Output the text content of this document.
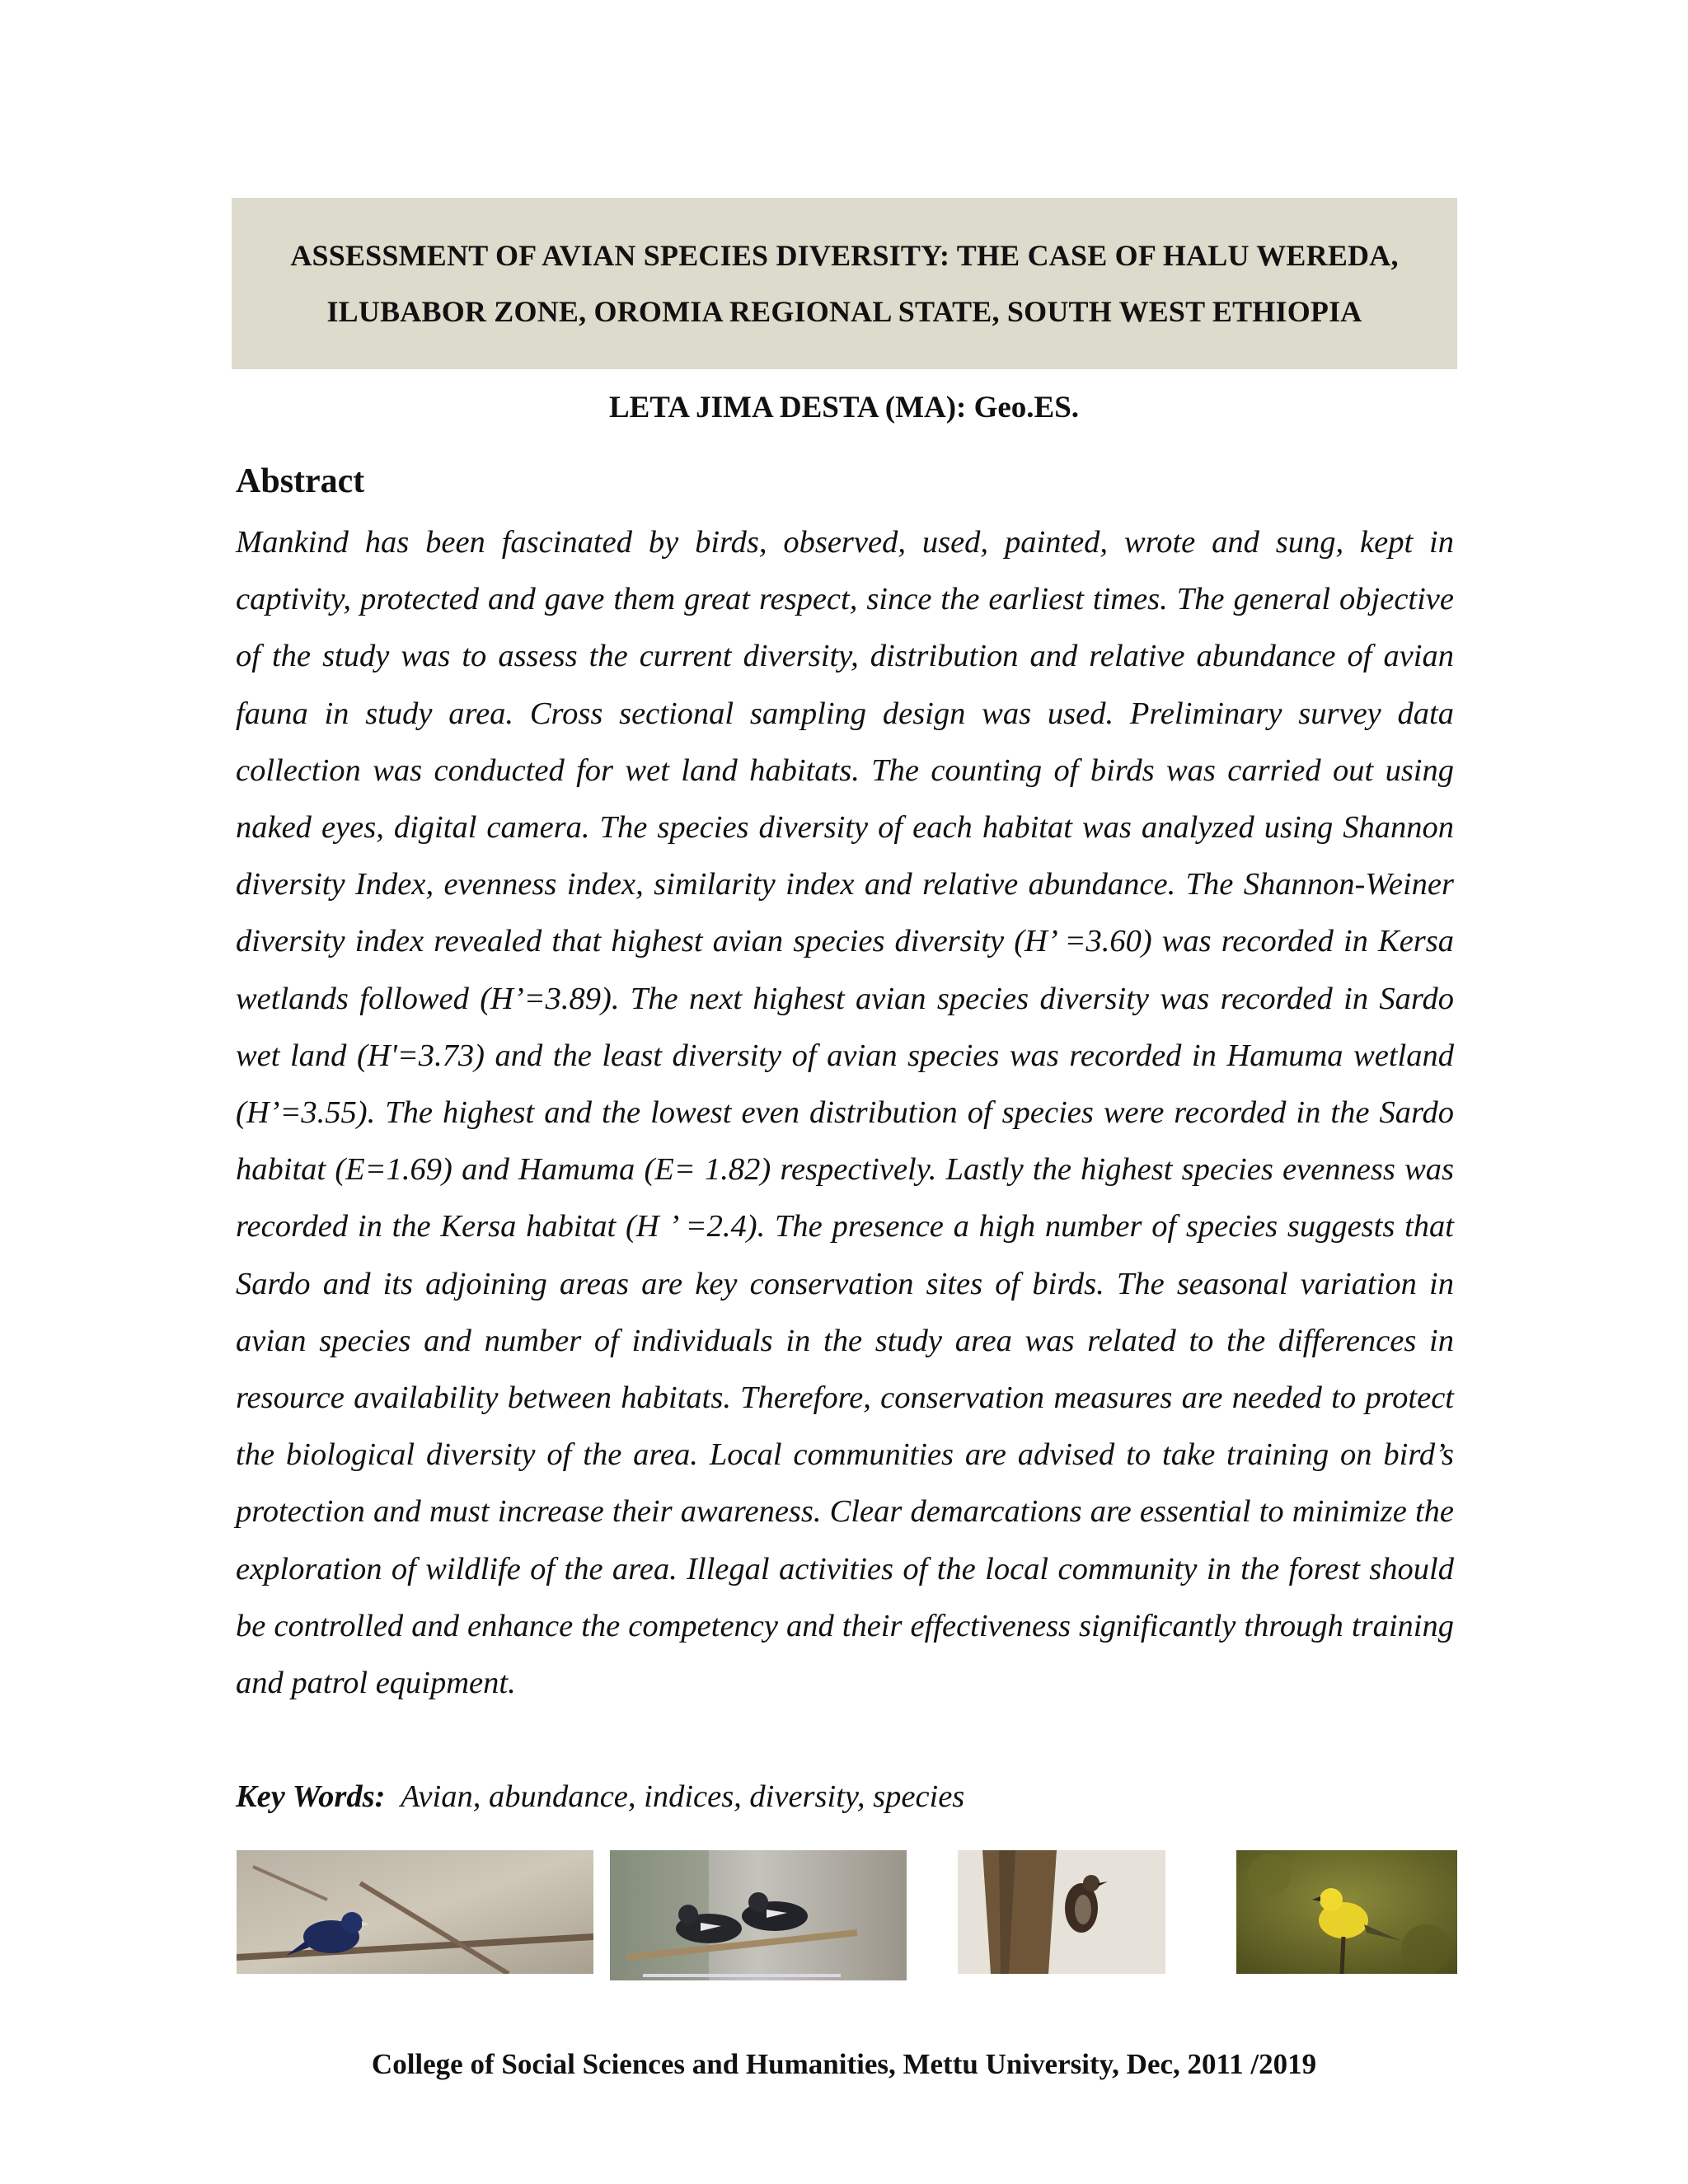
ASSESSMENT OF AVIAN SPECIES DIVERSITY: THE CASE OF HALU WEREDA, ILUBABOR ZONE, OROMIA REGIONAL STATE, SOUTH WEST ETHIOPIA

LETA JIMA DESTA (MA): Geo.ES.

Abstract

Mankind has been fascinated by birds, observed, used, painted, wrote and sung, kept in captivity, protected and gave them great respect, since the earliest times. The general objective of the study was to assess the current diversity, distribution and relative abundance of avian fauna in study area. Cross sectional sampling design was used. Preliminary survey data collection was conducted for wet land habitats. The counting of birds was carried out using naked eyes, digital camera. The species diversity of each habitat was analyzed using Shannon diversity Index, evenness index, similarity index and relative abundance. The Shannon-Weiner diversity index revealed that highest avian species diversity (H’ =3.60) was recorded in Kersa wetlands followed (H’=3.89). The next highest avian species diversity was recorded in Sardo wet land (H'=3.73) and the least diversity of avian species was recorded in Hamuma wetland (H’=3.55). The highest and the lowest even distribution of species were recorded in the Sardo habitat (E=1.69) and Hamuma (E= 1.82) respectively. Lastly the highest species evenness was recorded in the Kersa habitat (H ’ =2.4). The presence a high number of species suggests that Sardo and its adjoining areas are key conservation sites of birds. The seasonal variation in avian species and number of individuals in the study area was related to the differences in resource availability between habitats. Therefore, conservation measures are needed to protect the biological diversity of the area. Local communities are advised to take training on bird’s protection and must increase their awareness. Clear demarcations are essential to minimize the exploration of wildlife of the area. Illegal activities of the local community in the forest should be controlled and enhance the competency and their effectiveness significantly through training and patrol equipment.

Key Words: Avian, abundance, indices, diversity, species

College of Social Sciences and Humanities, Mettu University, Dec, 2011 /2019
